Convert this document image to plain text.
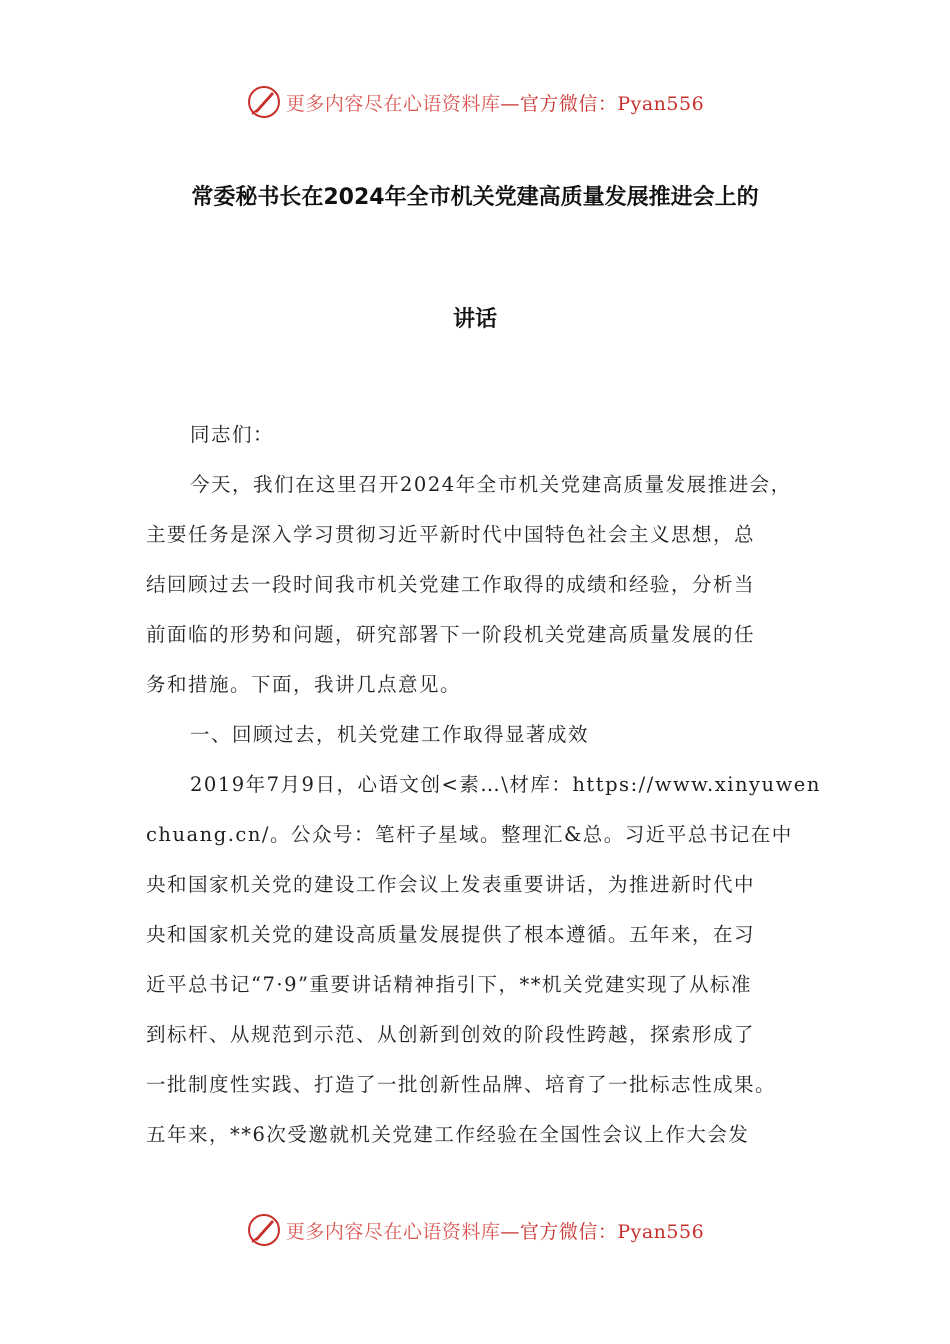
更多内容尽在心语资料库—官方微信：Pyan556
常委秘书长在2024年全市机关党建高质量发展推进会上的
讲话
同志们：
今天，我们在这里召开2024年全市机关党建高质量发展推进会，
主要任务是深入学习贯彻习近平新时代中国特色社会主义思想，总
结回顾过去一段时间我市机关党建工作取得的成绩和经验，分析当
前面临的形势和问题，研究部署下一阶段机关党建高质量发展的任
务和措施。下面，我讲几点意见。
一、回顾过去，机关党建工作取得显著成效
2019年7月9日，心语文创<素…\材库：https://www.xinyuwen
chuang.cn/。公众号：笔杆子星域。整理汇&总。习近平总书记在中
央和国家机关党的建设工作会议上发表重要讲话，为推进新时代中
央和国家机关党的建设高质量发展提供了根本遵循。五年来，在习
近平总书记“7·9”重要讲话精神指引下，**机关党建实现了从标准
到标杆、从规范到示范、从创新到创效的阶段性跨越，探索形成了
一批制度性实践、打造了一批创新性品牌、培育了一批标志性成果。
五年来，**6次受邀就机关党建工作经验在全国性会议上作大会发
更多内容尽在心语资料库—官方微信：Pyan556
